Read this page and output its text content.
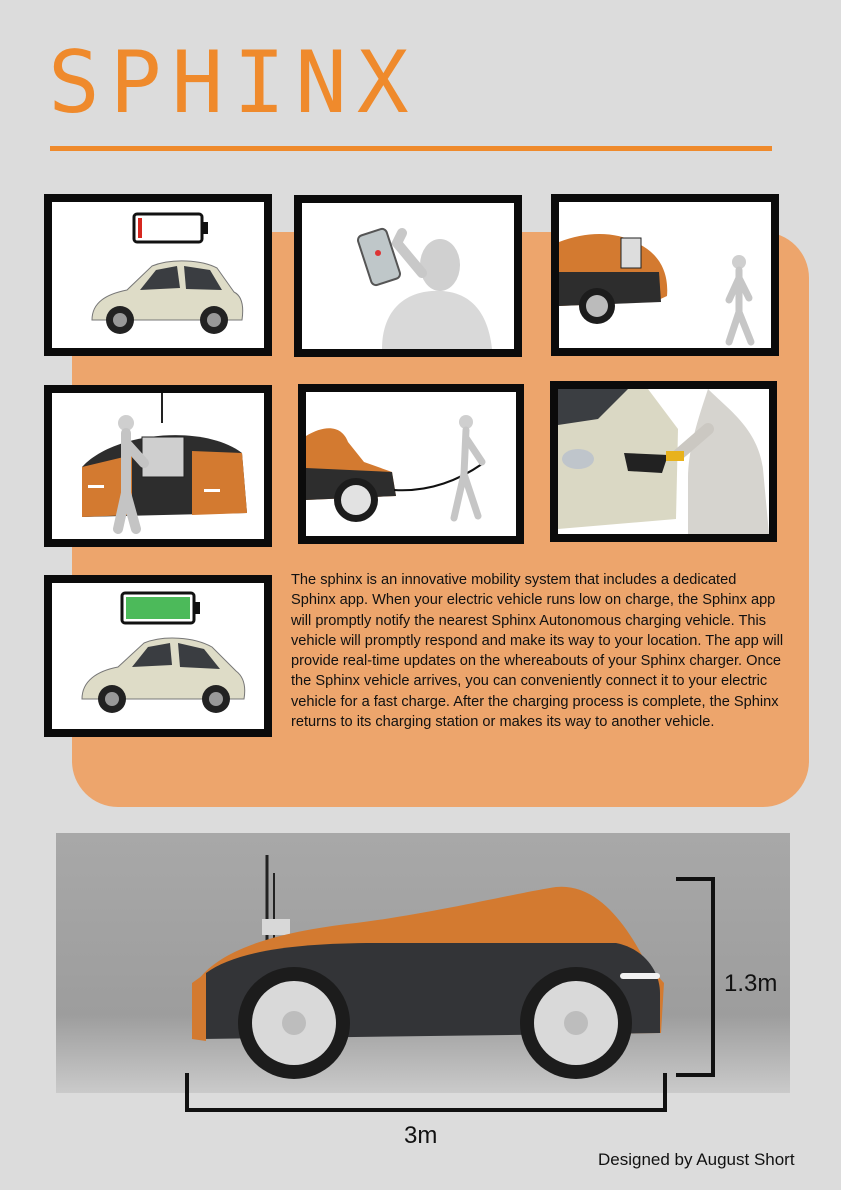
SPHINX
The sphinx is an innovative mobility system that includes a dedicated Sphinx app. When your electric vehicle runs low on charge, the Sphinx app will promptly notify the nearest Sphinx Autonomous charging vehicle. This vehicle will promptly respond and make its way to your location. The app will provide real-time updates on the whereabouts of your Sphinx charger. Once the Sphinx vehicle arrives, you can conveniently connect it to your electric vehicle for a fast charge. After the charging process is complete, the Sphinx returns to its charging station or makes its way to another vehicle.
1.3m
3m
Designed by August Short
